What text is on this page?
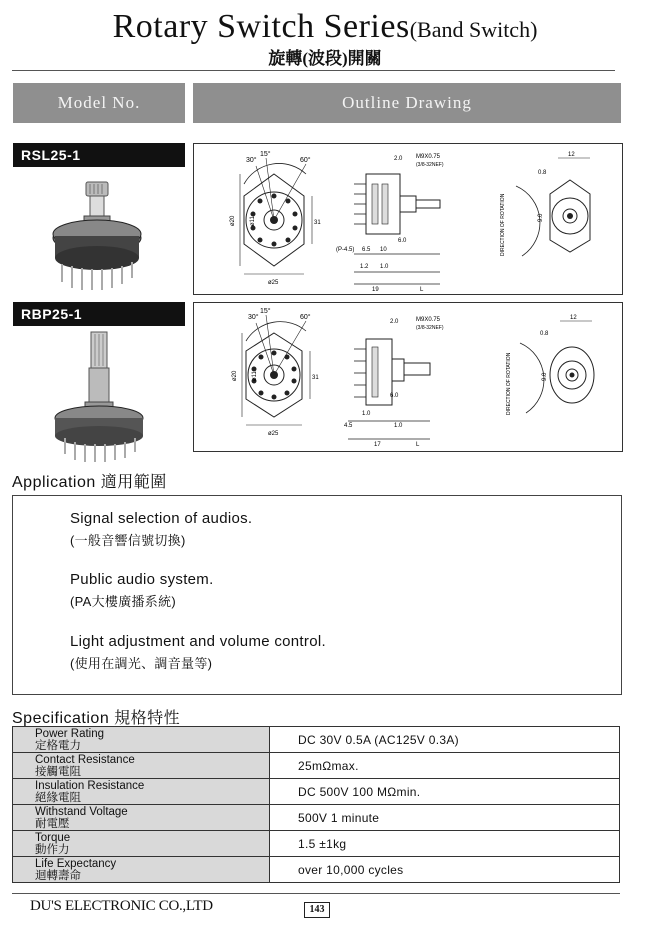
Rotary Switch Series(Band Switch)
旋轉(波段)開關
Model No.	Outline Drawing
RSL25-1	30°
15°
60°
ø20 ø11	31
ø25
2.0 M9X0.75
(3/8-32NEF)
6.0
(P-4.5) 6.5 10
1.2 1.0
19	L
DIRECTION OF ROTATION
12
0.8
9.0
RBP25-1	30°
15°
60°
ø20 ø11	31
ø25
2.0	M9X0.75
(3/8-32NEF)
6.0
4.5
1.0
1.0
17	L
DIRECTION OF ROTATION
12
0.8
9.0
Application 適用範圍
Signal selection of audios.
(一般音響信號切換)
Public audio system.
(PA大樓廣播系統)
Light adjustment and volume control.
(使用在調光、調音量等)
Specification 規格特性
Power Rating
定格電力	DC 30V 0.5A (AC125V 0.3A)

Contact Resistance
接觸電阻	25mΩmax.

Insulation Resistance
絕緣電阻	DC 500V 100 MΩmin.

Withstand Voltage
耐電壓	500V 1 minute

Torque
動作力	1.5 ±1kg

Life Expectancy
迴轉壽命	over 10,000 cycles
DU'S ELECTRONIC CO.,LTD	143
